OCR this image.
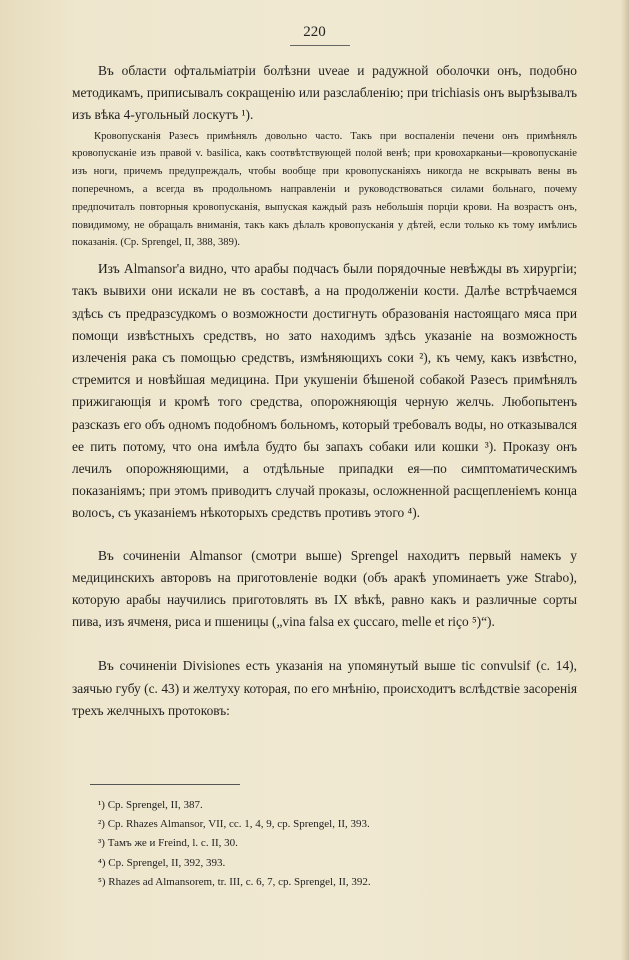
220

Въ области офтальміатріи болѣзни uveae и радужной оболочки онъ, подобно методикамъ, приписывалъ сокращенію или разслабленію; при trichiasis онъ вырѣзывалъ изъ вѣка 4-угольный лоскутъ ¹).

Кровопусканія Разесъ примѣнялъ довольно часто. Такъ при воспаленіи печени онъ примѣнялъ кровопусканіе изъ правой v. basilica, какъ соотвѣтствующей полой венѣ; при кровохарканьи—кровопусканіе изъ ноги, причемъ предупреждалъ, чтобы вообще при кровопусканіяхъ никогда не вскрывать вены въ поперечномъ, а всегда въ продольномъ направленіи и руководствоваться силами больнаго, почему предпочиталъ повторныя кровопусканія, выпуская каждый разъ небольшія порціи крови. На возрастъ онъ, повидимому, не обращалъ вниманія, такъ какъ дѣлалъ кровопусканія у дѣтей, если только къ тому имѣлись показанія. (Ср. Sprengel, II, 388, 389).

Изъ Almansor'a видно, что арабы подчасъ были порядочные невѣжды въ хирургіи; такъ вывихи они искали не въ составѣ, а на продолженіи кости. Далѣе встрѣчаемся здѣсь съ предразсудкомъ о возможности достигнуть образованія настоящаго мяса при помощи извѣстныхъ средствъ, но зато находимъ здѣсь указаніе на возможность излеченія рака съ помощью средствъ, измѣняющихъ соки ²), къ чему, какъ извѣстно, стремится и новѣйшая медицина. При укушеніи бѣшеной собакой Разесъ примѣнялъ прижигающія и кромѣ того средства, опорожняющія черную желчь. Любопытенъ разсказъ его объ одномъ подобномъ больномъ, который требовалъ воды, но отказывался ее пить потому, что она имѣла будто бы запахъ собаки или кошки ³). Проказу онъ лечилъ опорожняющими, а отдѣльные припадки ея—по симптоматическимъ показаніямъ; при этомъ приводитъ случай проказы, осложненной расщепленіемъ конца волосъ, съ указаніемъ нѣкоторыхъ средствъ противъ этого ⁴).

Въ сочиненіи Almansor (смотри выше) Sprengel находитъ первый намекъ у медицинскихъ авторовъ на приготовленіе водки (объ аракѣ упоминаетъ уже Strabo), которую арабы научились приготовлять въ IX вѣкѣ, равно какъ и различные сорты пива, изъ ячменя, риса и пшеницы („vina falsa ex çuccaro, melle et riço ⁵)“).

Въ сочиненіи Divisiones есть указанія на упомянутый выше tic convulsif (с. 14), заячью губу (с. 43) и желтуху которая, по его мнѣнію, происходитъ вслѣдствіе засоренія трехъ желчныхъ протоковъ:

¹) Ср. Sprengel, II, 387.
²) Ср. Rhazes Almansor, VII, cc. 1, 4, 9, ср. Sprengel, II, 393.
³) Тамъ же и Freind, l. c. II, 30.
⁴) Ср. Sprengel, II, 392, 393.
⁵) Rhazes ad Almansorem, tr. III, c. 6, 7, ср. Sprengel, II, 392.
